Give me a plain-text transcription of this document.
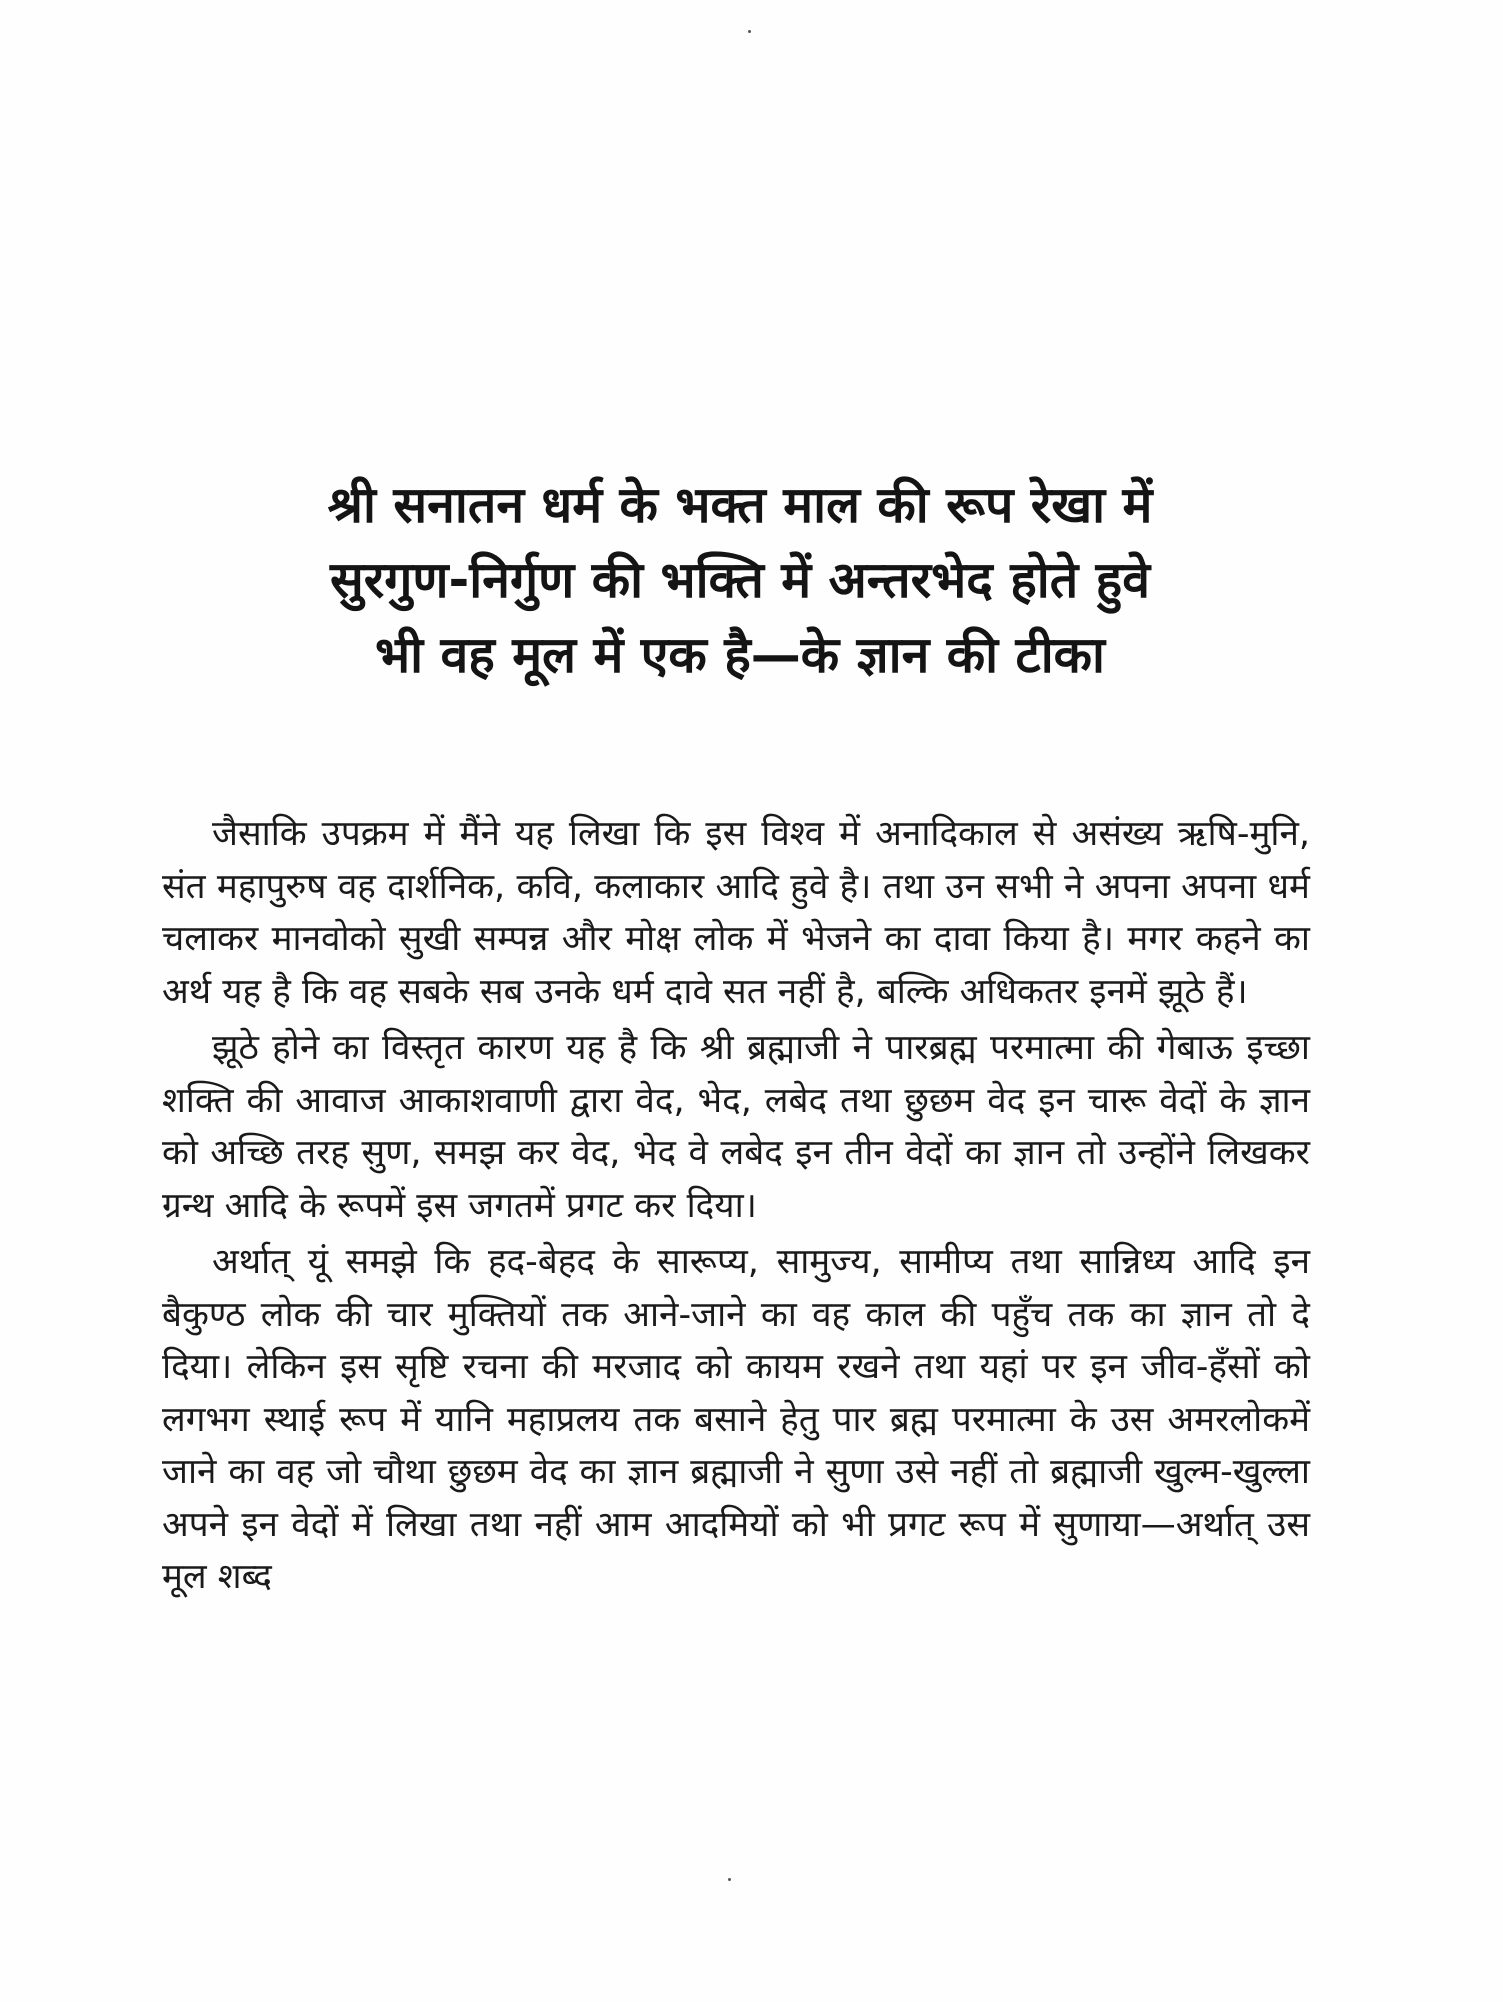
श्री सनातन धर्म के भक्त माल की रूप रेखा में
सुरगुण-निर्गुण की भक्ति में अन्तरभेद होते हुवे
भी वह मूल में एक है—के ज्ञान की टीका

जैसाकि उपक्रम में मैंने यह लिखा कि इस विश्व में अनादिकाल से असंख्य ऋषि-मुनि, संत महापुरुष वह दार्शनिक, कवि, कलाकार आदि हुवे है। तथा उन सभी ने अपना अपना धर्म चलाकर मानवोको सुखी सम्पन्न और मोक्ष लोक में भेजने का दावा किया है। मगर कहने का अर्थ यह है कि वह सबके सब उनके धर्म दावे सत नहीं है, बल्कि अधिकतर इनमें झूठे हैं।

झूठे होने का विस्तृत कारण यह है कि श्री ब्रह्माजी ने पारब्रह्म परमात्मा की गेबाऊ इच्छा शक्ति की आवाज आकाशवाणी द्वारा वेद, भेद, लबेद तथा छुछम वेद इन चारू वेदों के ज्ञान को अच्छि तरह सुण, समझ कर वेद, भेद वे लबेद इन तीन वेदों का ज्ञान तो उन्होंने लिखकर ग्रन्थ आदि के रूपमें इस जगतमें प्रगट कर दिया।

अर्थात् यूं समझे कि हद-बेहद के सारूप्य, सामुज्य, सामीप्य तथा सान्निध्य आदि इन बैकुण्ठ लोक की चार मुक्तियों तक आने-जाने का वह काल की पहुँच तक का ज्ञान तो दे दिया। लेकिन इस सृष्टि रचना की मरजाद को कायम रखने तथा यहां पर इन जीव-हँसों को लगभग स्थाई रूप में यानि महाप्रलय तक बसाने हेतु पार ब्रह्म परमात्मा के उस अमरलोकमें जाने का वह जो चौथा छुछम वेद का ज्ञान ब्रह्माजी ने सुणा उसे नहीं तो ब्रह्माजी खुल्म-खुल्ला अपने इन वेदों में लिखा तथा नहीं आम आदमियों को भी प्रगट रूप में सुणाया—अर्थात् उस मूल शब्द
